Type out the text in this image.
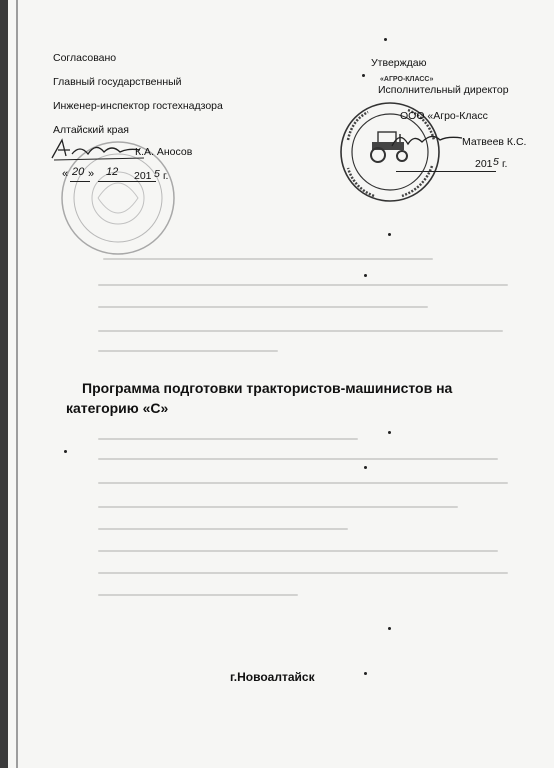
Согласовано
Главный государственный
Инженер-инспектор гостехнадзора
Алтайский края
К.А. Аносов
« 20 » 12 201 5 г.
Утверждаю
Исполнительный директор
«АГРО-КЛАСС»
ООО «Агро-Класс
Матвеев К.С.
201 5 г.
Программа подготовки трактористов-машинистов на
категорию «С»
г.Новоалтайск
